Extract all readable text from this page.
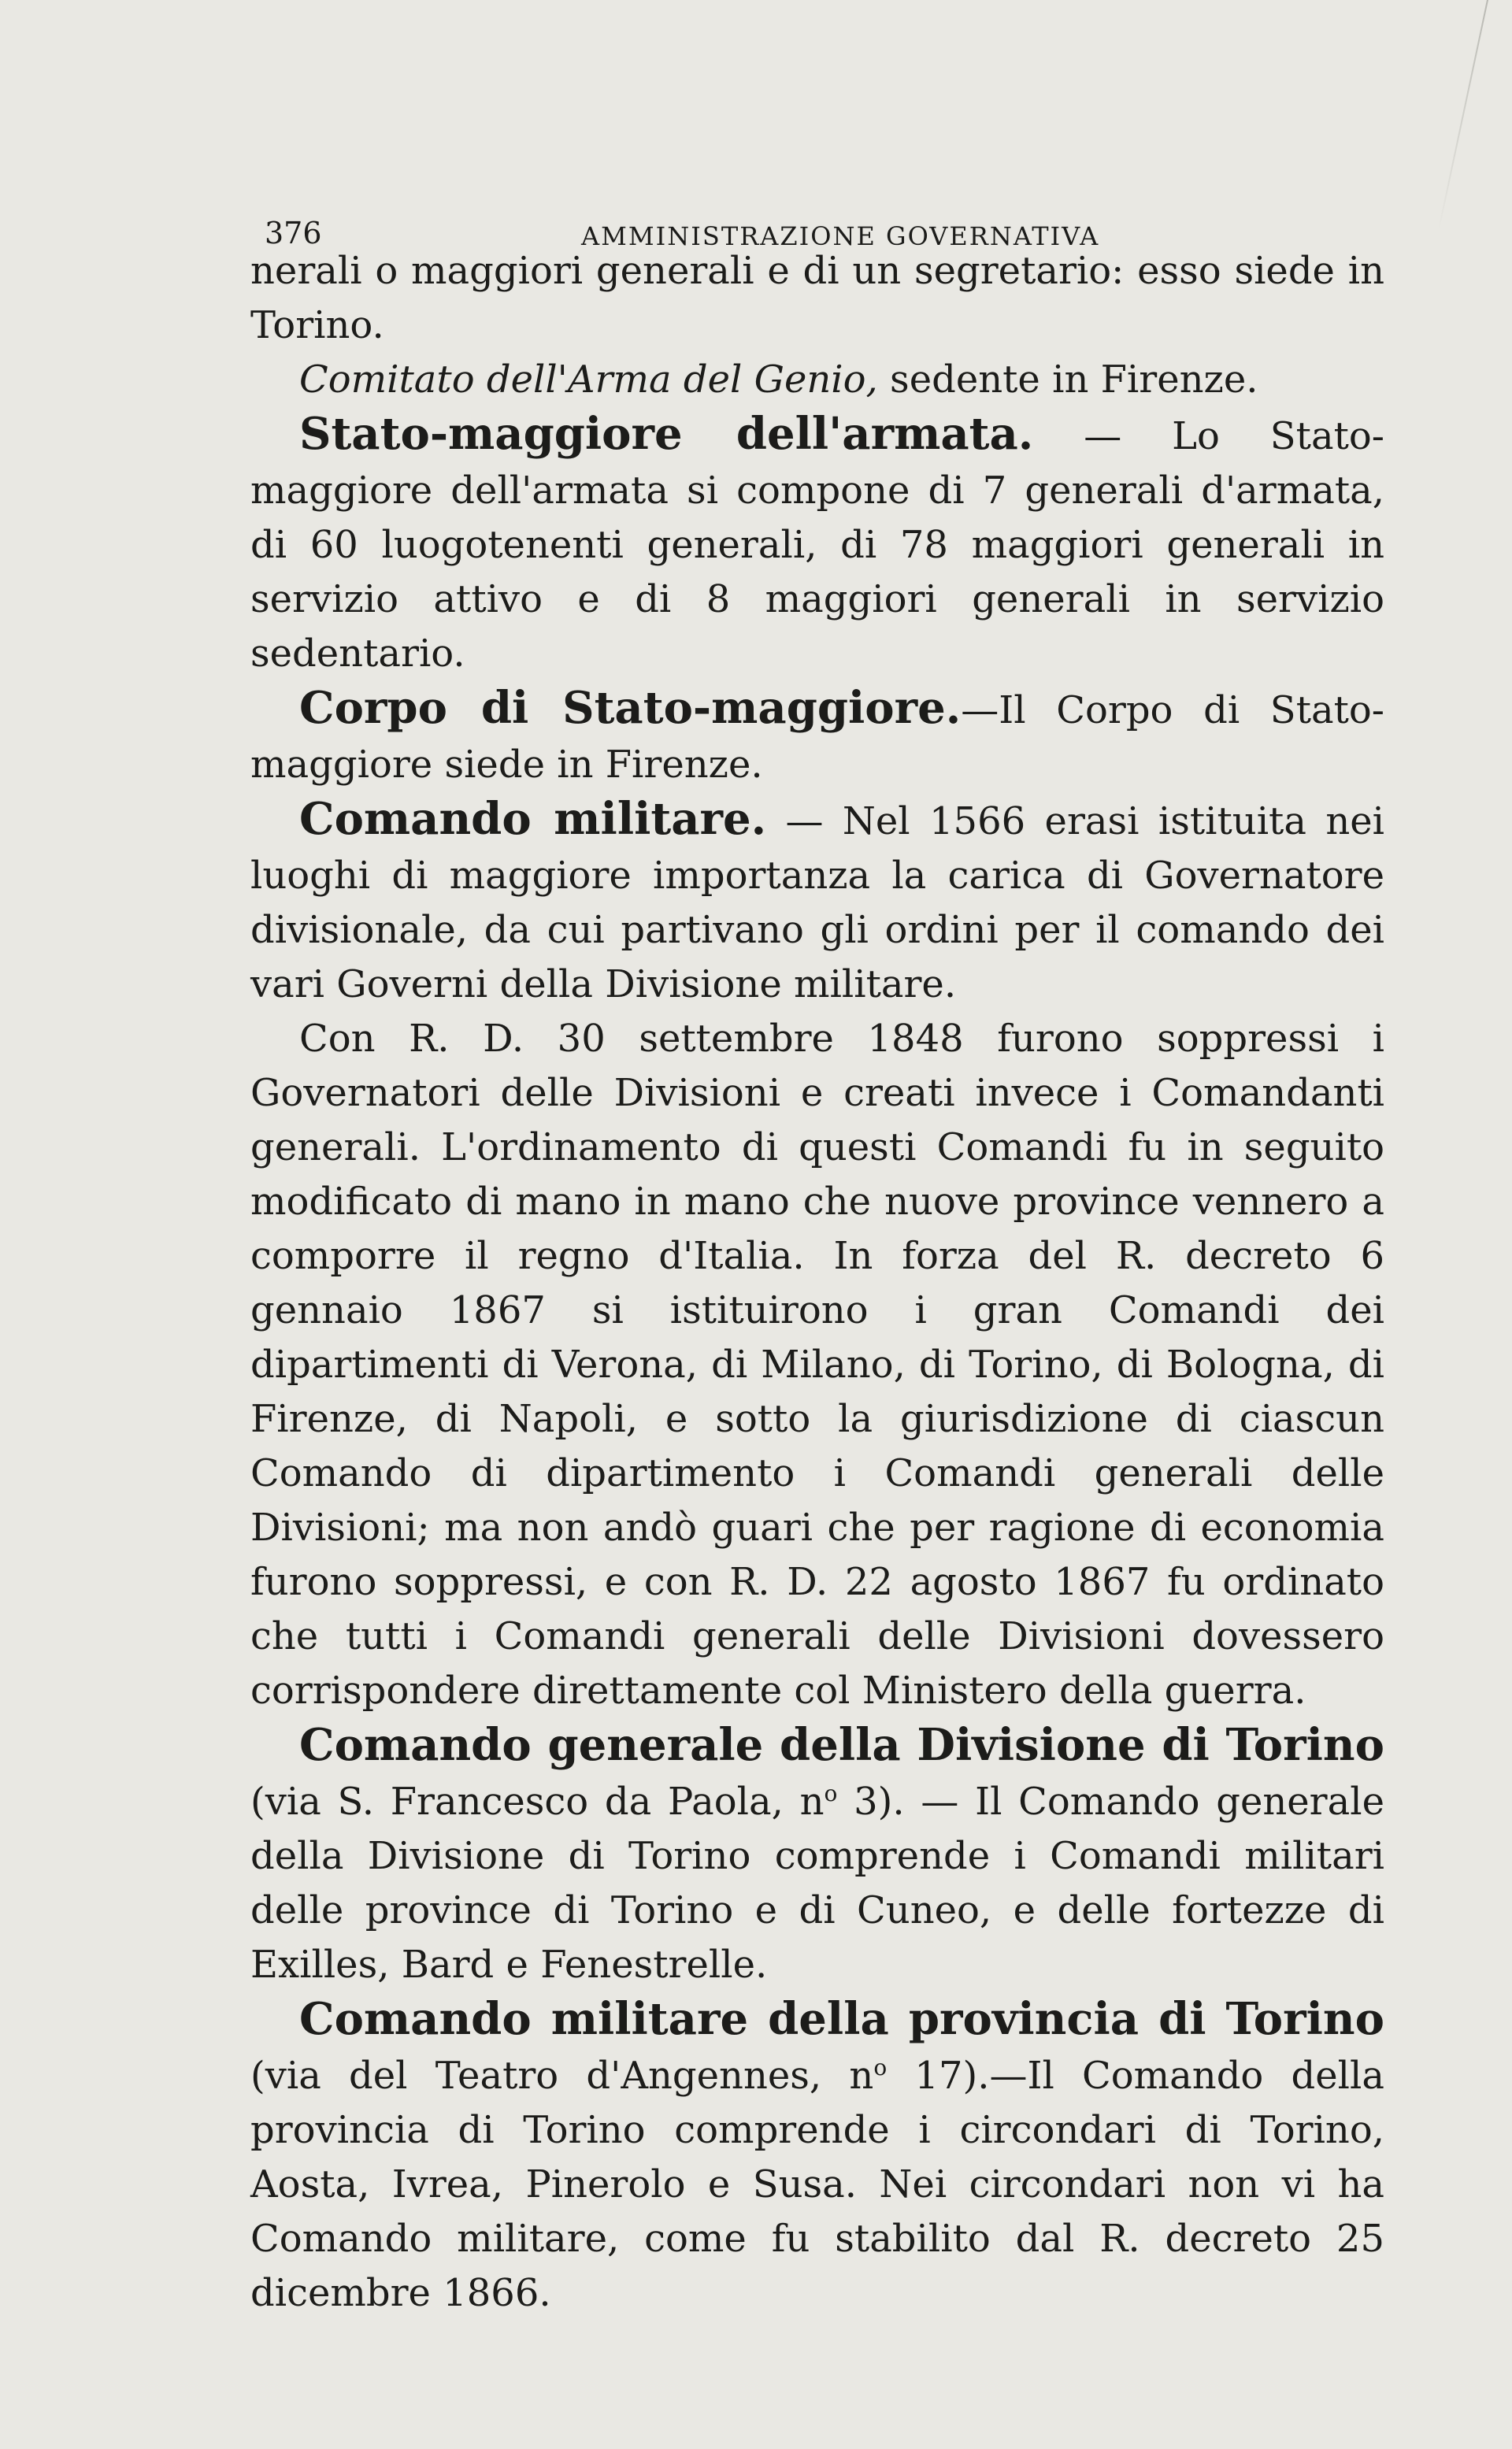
376	AMMINISTRAZIONE GOVERNATIVA

nerali o maggiori generali e di un segretario: esso siede in Torino.

Comitato dell'Arma del Genio, sedente in Firenze.

Stato-maggiore dell'armata. — Lo Stato-maggiore dell'armata si compone di 7 generali d'armata, di 60 luogotenenti generali, di 78 maggiori generali in servizio attivo e di 8 maggiori generali in servizio sedentario.

Corpo di Stato-maggiore.—Il Corpo di Stato-maggiore siede in Firenze.

Comando militare. — Nel 1566 erasi istituita nei luoghi di maggiore importanza la carica di Governatore divisionale, da cui partivano gli ordini per il comando dei vari Governi della Divisione militare.

Con R. D. 30 settembre 1848 furono soppressi i Governatori delle Divisioni e creati invece i Comandanti generali. L'ordinamento di questi Comandi fu in seguito modificato di mano in mano che nuove province vennero a comporre il regno d'Italia. In forza del R. decreto 6 gennaio 1867 si istituirono i gran Comandi dei dipartimenti di Verona, di Milano, di Torino, di Bologna, di Firenze, di Napoli, e sotto la giurisdizione di ciascun Comando di dipartimento i Comandi generali delle Divisioni; ma non andò guari che per ragione di economia furono soppressi, e con R. D. 22 agosto 1867 fu ordinato che tutti i Comandi generali delle Divisioni dovessero corrispondere direttamente col Ministero della guerra.

Comando generale della Divisione di Torino (via S. Francesco da Paola, $n^o$ 3). — Il Comando generale della Divisione di Torino comprende i Comandi militari delle province di Torino e di Cuneo, e delle fortezze di Exilles, Bard e Fenestrelle.

Comando militare della provincia di Torino (via del Teatro d'Angennes, $n^o$ 17).—Il Comando della provincia di Torino comprende i circondari di Torino, Aosta, Ivrea, Pinerolo e Susa. Nei circondari non vi ha Comando militare, come fu stabilito dal R. decreto 25 dicembre 1866.
